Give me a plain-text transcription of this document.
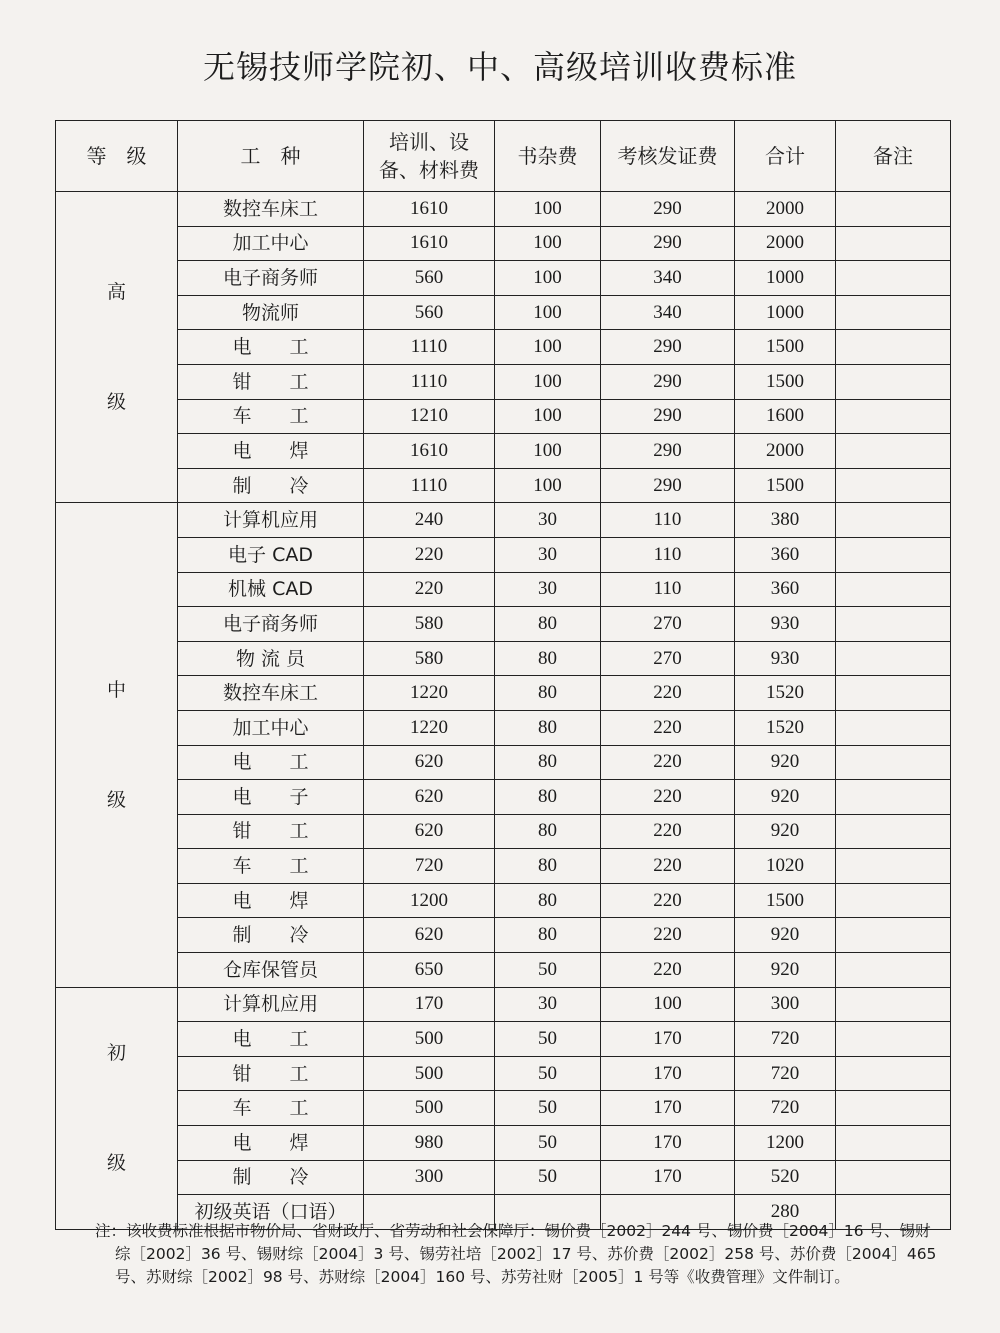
无锡技师学院初、中、高级培训收费标准
等　级	工　种	培训、设备、材料费	书杂费	考核发证费	合计	备注

高
级	数控车床工	1610	100	290	2000	
	加工中心	1610	100	290	2000	
	电子商务师	560	100	340	1000	
	物流师	560	100	340	1000	
	电　　工	1110	100	290	1500	
	钳　　工	1110	100	290	1500	
	车　　工	1210	100	290	1600	
	电　　焊	1610	100	290	2000	
	制　　冷	1110	100	290	1500	

中
级	计算机应用	240	30	110	380	
	电子 CAD	220	30	110	360	
	机械 CAD	220	30	110	360	
	电子商务师	580	80	270	930	
	物 流 员	580	80	270	930	
	数控车床工	1220	80	220	1520	
	加工中心	1220	80	220	1520	
	电　　工	620	80	220	920	
	电　　子	620	80	220	920	
	钳　　工	620	80	220	920	
	车　　工	720	80	220	1020	
	电　　焊	1200	80	220	1500	
	制　　冷	620	80	220	920	
	仓库保管员	650	50	220	920	

初
级	计算机应用	170	30	100	300	
	电　　工	500	50	170	720	
	钳　　工	500	50	170	720	
	车　　工	500	50	170	720	
	电　　焊	980	50	170	1200	
	制　　冷	300	50	170	520	
	初级英语（口语）				280	
注：该收费标准根据市物价局、省财政厅、省劳动和社会保障厅：锡价费［2002］244 号、锡价费［2004］16 号、锡财综［2002］36 号、锡财综［2004］3 号、锡劳社培［2002］17 号、苏价费［2002］258 号、苏价费［2004］465 号、苏财综［2002］98 号、苏财综［2004］160 号、苏劳社财［2005］1 号等《收费管理》文件制订。
